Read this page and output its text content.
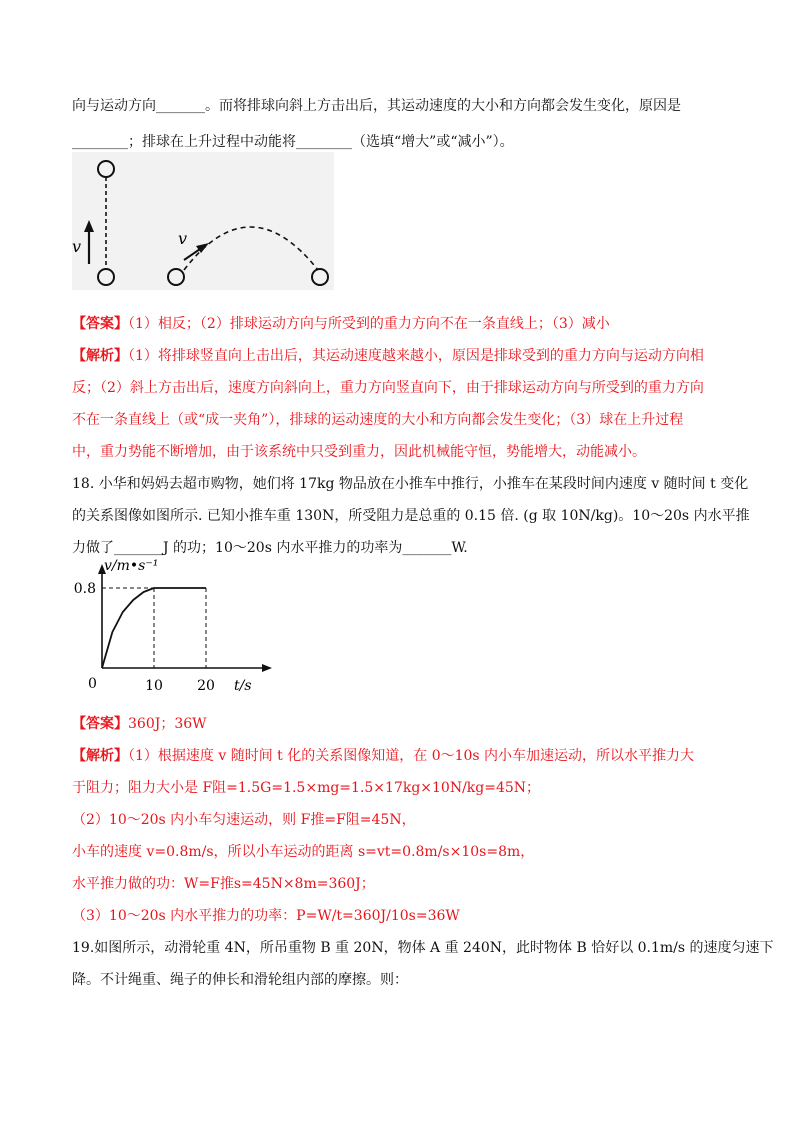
向与运动方向_______。而将排球向斜上方击出后，其运动速度的大小和方向都会发生变化，原因是
________；排球在上升过程中动能将________（选填“增大”或“减小”）。
v	v
【答案】（1）相反；（2）排球运动方向与所受到的重力方向不在一条直线上；（3）减小
【解析】（1）将排球竖直向上击出后，其运动速度越来越小，原因是排球受到的重力方向与运动方向相
反；（2）斜上方击出后，速度方向斜向上，重力方向竖直向下，由于排球运动方向与所受到的重力方向
不在一条直线上（或“成一夹角”），排球的运动速度的大小和方向都会发生变化；（3）球在上升过程
中，重力势能不断增加，由于该系统中只受到重力，因此机械能守恒，势能增大，动能减小。
18. 小华和妈妈去超市购物，她们将 17kg 物品放在小推车中推行，小推车在某段时间内速度 v 随时间 t 变化
的关系图像如图所示. 已知小推车重 130N，所受阻力是总重的 0.15 倍. (g 取 10N/kg)。10～20s 内水平推
力做了_______J 的功；10～20s 内水平推力的功率为_______W.
v/m•s⁻¹
t/s
0	10 20
0.8
【答案】360J；36W
【解析】（1）根据速度 v 随时间 t 化的关系图像知道，在 0～10s 内小车加速运动，所以水平推力大
于阻力；阻力大小是 F阻=1.5G=1.5×mg=1.5×17kg×10N/kg=45N；
（2）10～20s 内小车匀速运动，则 F推=F阻=45N，
小车的速度 v=0.8m/s，所以小车运动的距离 s=vt=0.8m/s×10s=8m，
水平推力做的功：W=F推s=45N×8m=360J；
（3）10～20s 内水平推力的功率：P=W/t=360J/10s=36W
19.如图所示，动滑轮重 4N，所吊重物 B 重 20N，物体 A 重 240N，此时物体 B 恰好以 0.1m/s 的速度匀速下
降。不计绳重、绳子的伸长和滑轮组内部的摩擦。则：
